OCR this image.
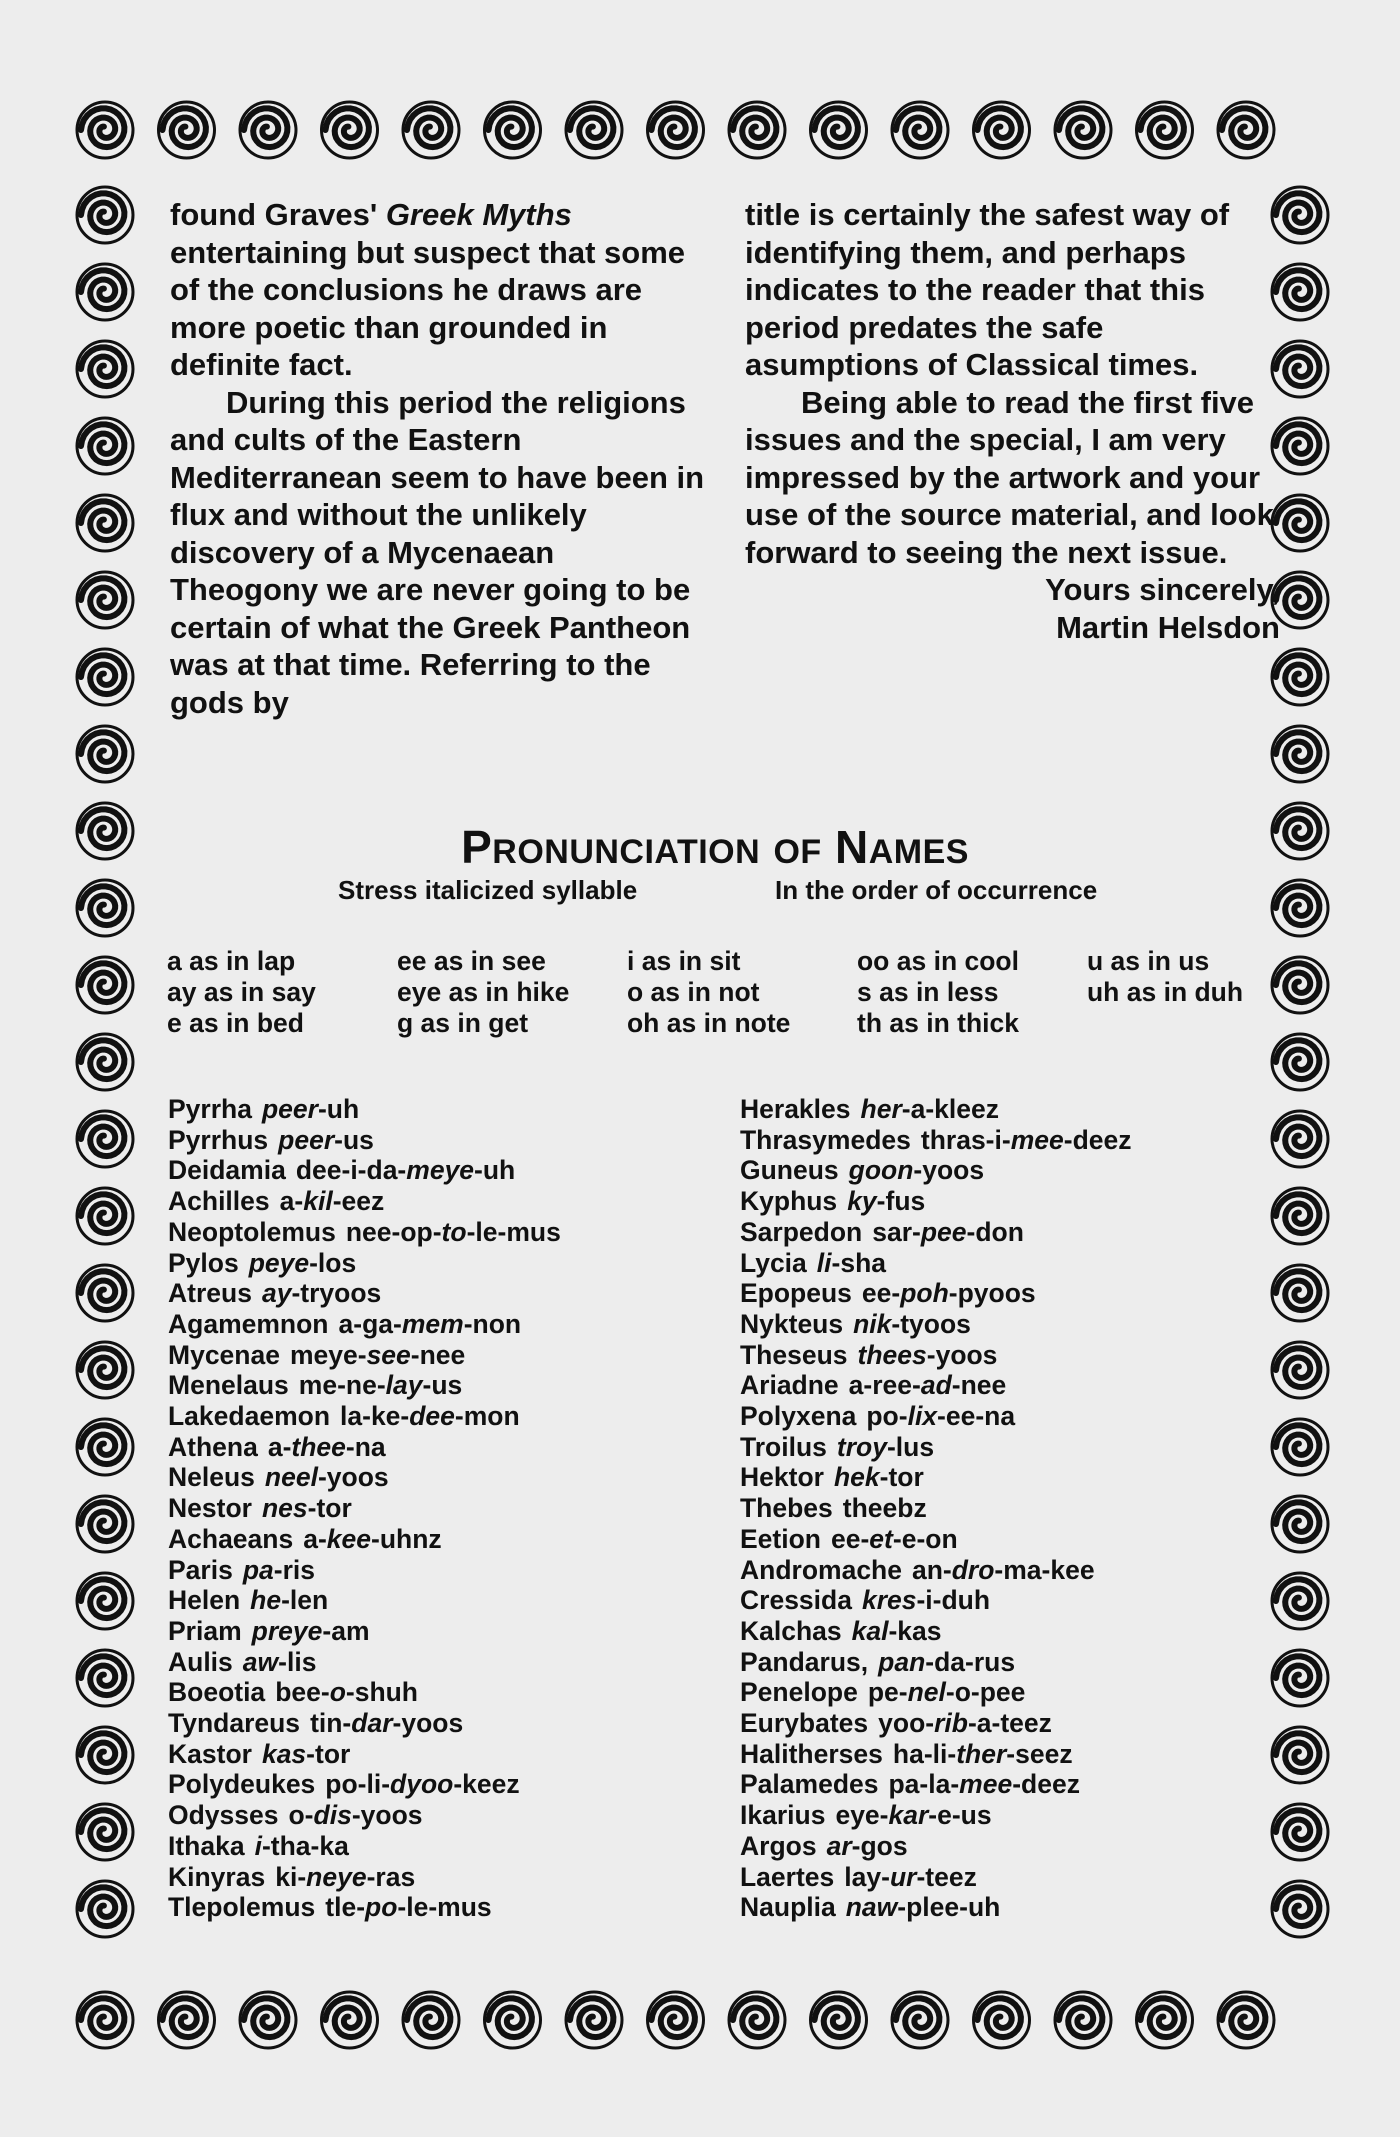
found Graves' Greek Myths entertaining but suspect that some of the conclusions he draws are more poetic than grounded in definite fact.

During this period the religions and cults of the Eastern Mediterranean seem to have been in flux and without the unlikely discovery of a Mycenaean Theogony we are never going to be certain of what the Greek Pantheon was at that time. Referring to the gods by

title is certainly the safest way of identifying them, and perhaps indicates to the reader that this period predates the safe asumptions of Classical times.

Being able to read the first five issues and the special, I am very impressed by the artwork and your use of the source material, and look forward to seeing the next issue.

Yours sincerely,

Martin Helsdon

PRONUNCIATION OF NAMES
Stress italicized syllable	In the order of occurrence
a as in lap	ee as in see	i as in sit	oo as in cool	u as in us
ay as in say	eye as in hike	o as in not	s as in less	uh as in duh
e as in bed	g as in get	oh as in note	th as in thick
Pyrrha peer-uh
Pyrrhus peer-us
Deidamia dee-i-da-meye-uh
Achilles a-kil-eez
Neoptolemus nee-op-to-le-mus
Pylos peye-los
Atreus ay-tryoos
Agamemnon a-ga-mem-non
Mycenae meye-see-nee
Menelaus me-ne-lay-us
Lakedaemon la-ke-dee-mon
Athena a-thee-na
Neleus neel-yoos
Nestor nes-tor
Achaeans a-kee-uhnz
Paris pa-ris
Helen he-len
Priam preye-am
Aulis aw-lis
Boeotia bee-o-shuh
Tyndareus tin-dar-yoos
Kastor kas-tor
Polydeukes po-li-dyoo-keez
Odysses o-dis-yoos
Ithaka i-tha-ka
Kinyras ki-neye-ras
Tlepolemus tle-po-le-mus
Herakles her-a-kleez
Thrasymedes thras-i-mee-deez
Guneus goon-yoos
Kyphus ky-fus
Sarpedon sar-pee-don
Lycia li-sha
Epopeus ee-poh-pyoos
Nykteus nik-tyoos
Theseus thees-yoos
Ariadne a-ree-ad-nee
Polyxena po-lix-ee-na
Troilus troy-lus
Hektor hek-tor
Thebes theebz
Eetion ee-et-e-on
Andromache an-dro-ma-kee
Cressida kres-i-duh
Kalchas kal-kas
Pandarus, pan-da-rus
Penelope pe-nel-o-pee
Eurybates yoo-rib-a-teez
Halitherses ha-li-ther-seez
Palamedes pa-la-mee-deez
Ikarius eye-kar-e-us
Argos ar-gos
Laertes lay-ur-teez
Nauplia naw-plee-uh
